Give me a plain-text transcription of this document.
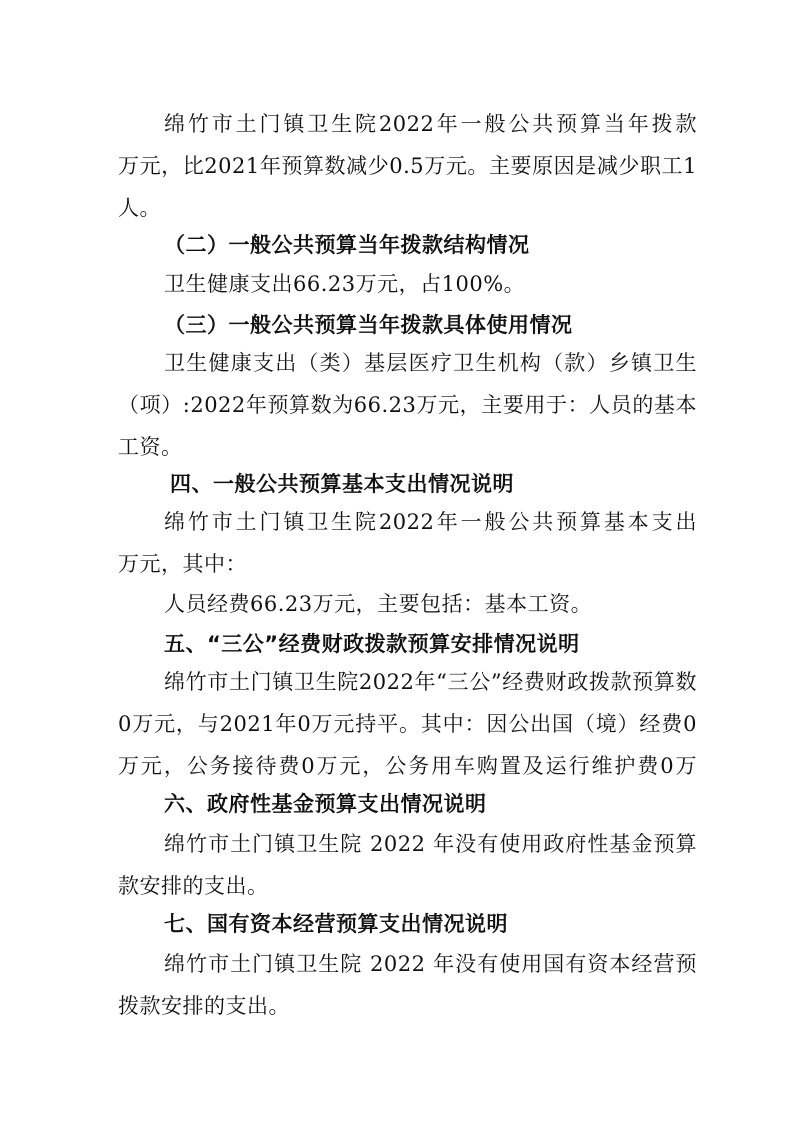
绵竹市土门镇卫生院2022年一般公共预算当年拨款
万元，比2021年预算数减少0.5万元。主要原因是减少职工1
人。
（二）一般公共预算当年拨款结构情况
卫生健康支出66.23万元，占100%。
（三）一般公共预算当年拨款具体使用情况
卫生健康支出（类）基层医疗卫生机构（款）乡镇卫生
（项）:2022年预算数为66.23万元，主要用于：人员的基本
工资。
四、一般公共预算基本支出情况说明
绵竹市土门镇卫生院2022年一般公共预算基本支出
万元，其中：
人员经费66.23万元，主要包括：基本工资。
五、“三公”经费财政拨款预算安排情况说明
绵竹市土门镇卫生院2022年“三公”经费财政拨款预算数
0万元，与2021年0万元持平。其中：因公出国（境）经费0
万元，公务接待费0万元，公务用车购置及运行维护费0万
六、政府性基金预算支出情况说明
绵竹市土门镇卫生院 2022 年没有使用政府性基金预算
款安排的支出。
七、国有资本经营预算支出情况说明
绵竹市土门镇卫生院 2022 年没有使用国有资本经营预
拨款安排的支出。
